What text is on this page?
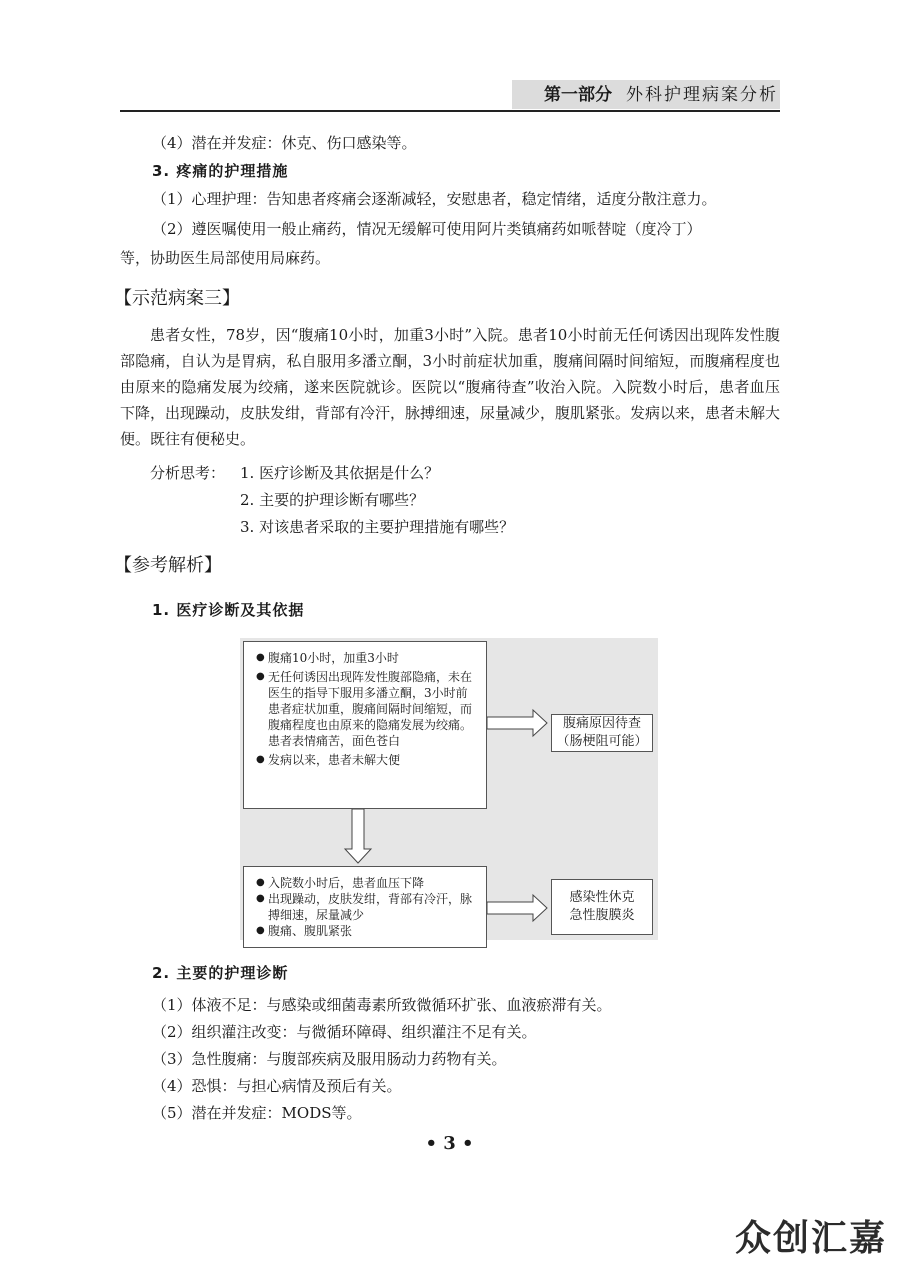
第一部分 外科护理病案分析
（4）潜在并发症：休克、伤口感染等。
3. 疼痛的护理措施
（1）心理护理：告知患者疼痛会逐渐减轻，安慰患者，稳定情绪，适度分散注意力。
（2）遵医嘱使用一般止痛药，情况无缓解可使用阿片类镇痛药如哌替啶（度冷丁）
等，协助医生局部使用局麻药。
【示范病案三】
患者女性，78岁，因“腹痛10小时，加重3小时”入院。患者10小时前无任何诱因出现阵发性腹部隐痛，自认为是胃病，私自服用多潘立酮，3小时前症状加重，腹痛间隔时间缩短，而腹痛程度也由原来的隐痛发展为绞痛，遂来医院就诊。医院以“腹痛待查”收治入院。入院数小时后，患者血压下降，出现躁动，皮肤发绀，背部有冷汗，脉搏细速，尿量减少，腹肌紧张。发病以来，患者未解大便。既往有便秘史。
分析思考： 1. 医疗诊断及其依据是什么？
2. 主要的护理诊断有哪些？
3. 对该患者采取的主要护理措施有哪些？
【参考解析】
1. 医疗诊断及其依据
● 腹痛10小时，加重3小时
● 无任何诱因出现阵发性腹部隐痛，未在医生的指导下服用多潘立酮，3小时前患者症状加重，腹痛间隔时间缩短，而腹痛程度也由原来的隐痛发展为绞痛。患者表情痛苦，面色苍白
● 发病以来，患者未解大便
腹痛原因待查
（肠梗阻可能）
● 入院数小时后，患者血压下降
● 出现躁动，皮肤发绀，背部有冷汗，脉搏细速，尿量减少
● 腹痛、腹肌紧张
感染性休克
急性腹膜炎
2. 主要的护理诊断
（1）体液不足：与感染或细菌毒素所致微循环扩张、血液瘀滞有关。
（2）组织灌注改变：与微循环障碍、组织灌注不足有关。
（3）急性腹痛：与腹部疾病及服用肠动力药物有关。
（4）恐惧：与担心病情及预后有关。
（5）潜在并发症：MODS等。
• 3 •
众创汇嘉
